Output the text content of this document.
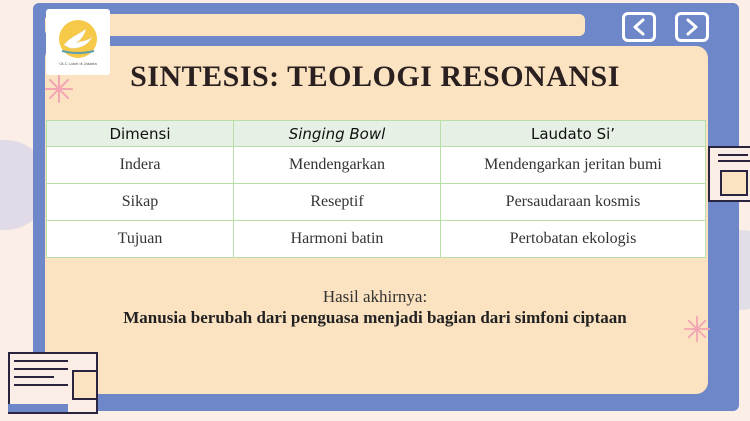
OLC Lukel di Jakarta	SINTESIS: TEOLOGI RESONANSI
Dimensi	Singing Bowl	Laudato Si’
Indera	Mendengarkan	Mendengarkan jeritan bumi
Sikap	Reseptif	Persaudaraan kosmis
Tujuan	Harmoni batin	Pertobatan ekologis
Hasil akhirnya:
Manusia berubah dari penguasa menjadi bagian dari simfoni ciptaan
